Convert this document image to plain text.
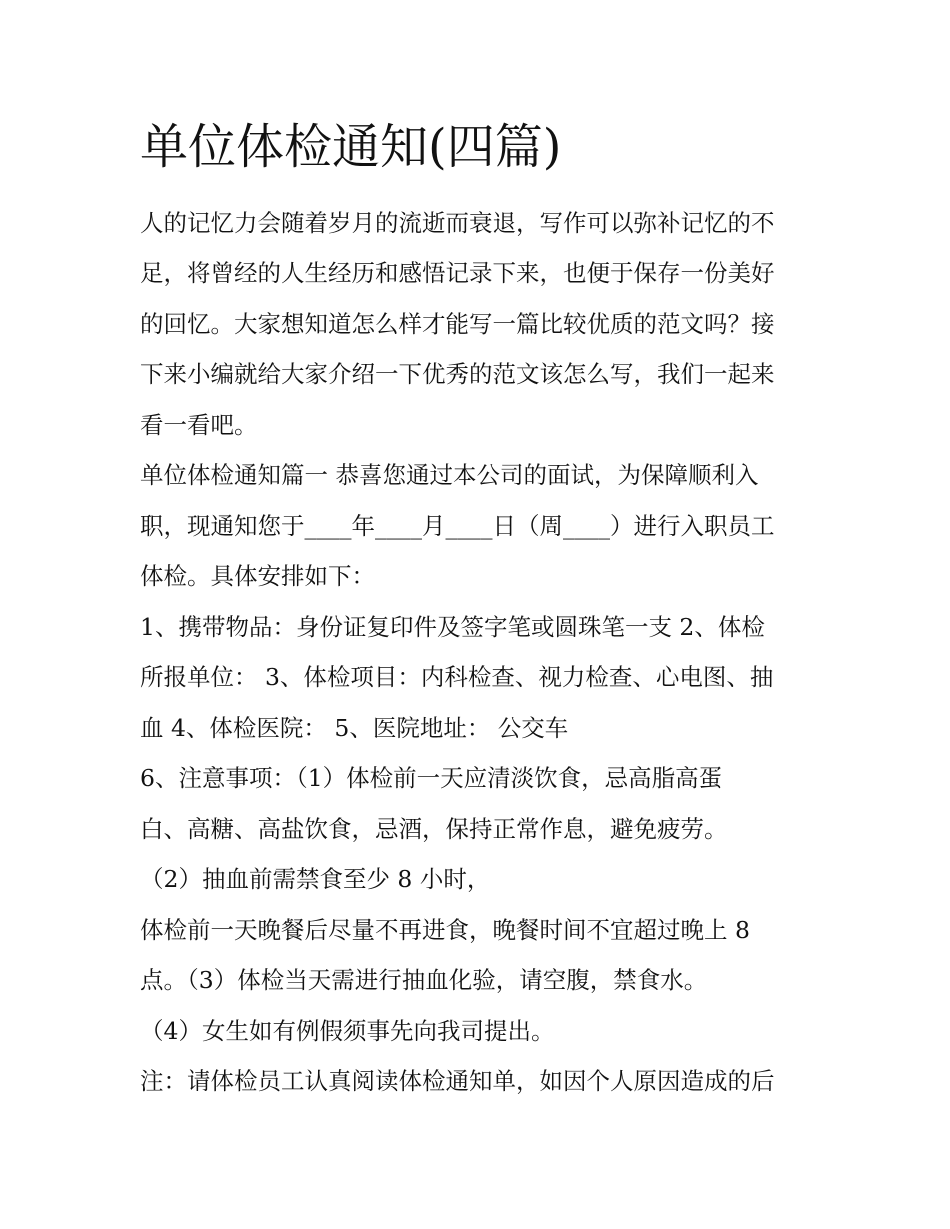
单位体检通知(四篇)
人的记忆力会随着岁月的流逝而衰退，写作可以弥补记忆的不
足，将曾经的人生经历和感悟记录下来，也便于保存一份美好
的回忆。大家想知道怎么样才能写一篇比较优质的范文吗？接
下来小编就给大家介绍一下优秀的范文该怎么写，我们一起来
看一看吧。
单位体检通知篇一 恭喜您通过本公司的面试，为保障顺利入
职，现通知您于____年____月____日（周____）进行入职员工
体检。具体安排如下：
1、携带物品：身份证复印件及签字笔或圆珠笔一支 2、体检
所报单位： 3、体检项目：内科检查、视力检查、心电图、抽
血 4、体检医院： 5、医院地址： 公交车
6、注意事项：（1）体检前一天应清淡饮食，忌高脂高蛋
白、高糖、高盐饮食，忌酒，保持正常作息，避免疲劳。
（2）抽血前需禁食至少 8 小时，
体检前一天晚餐后尽量不再进食，晚餐时间不宜超过晚上 8
点。（3）体检当天需进行抽血化验，请空腹，禁食水。
（4）女生如有例假须事先向我司提出。
注：请体检员工认真阅读体检通知单，如因个人原因造成的后
